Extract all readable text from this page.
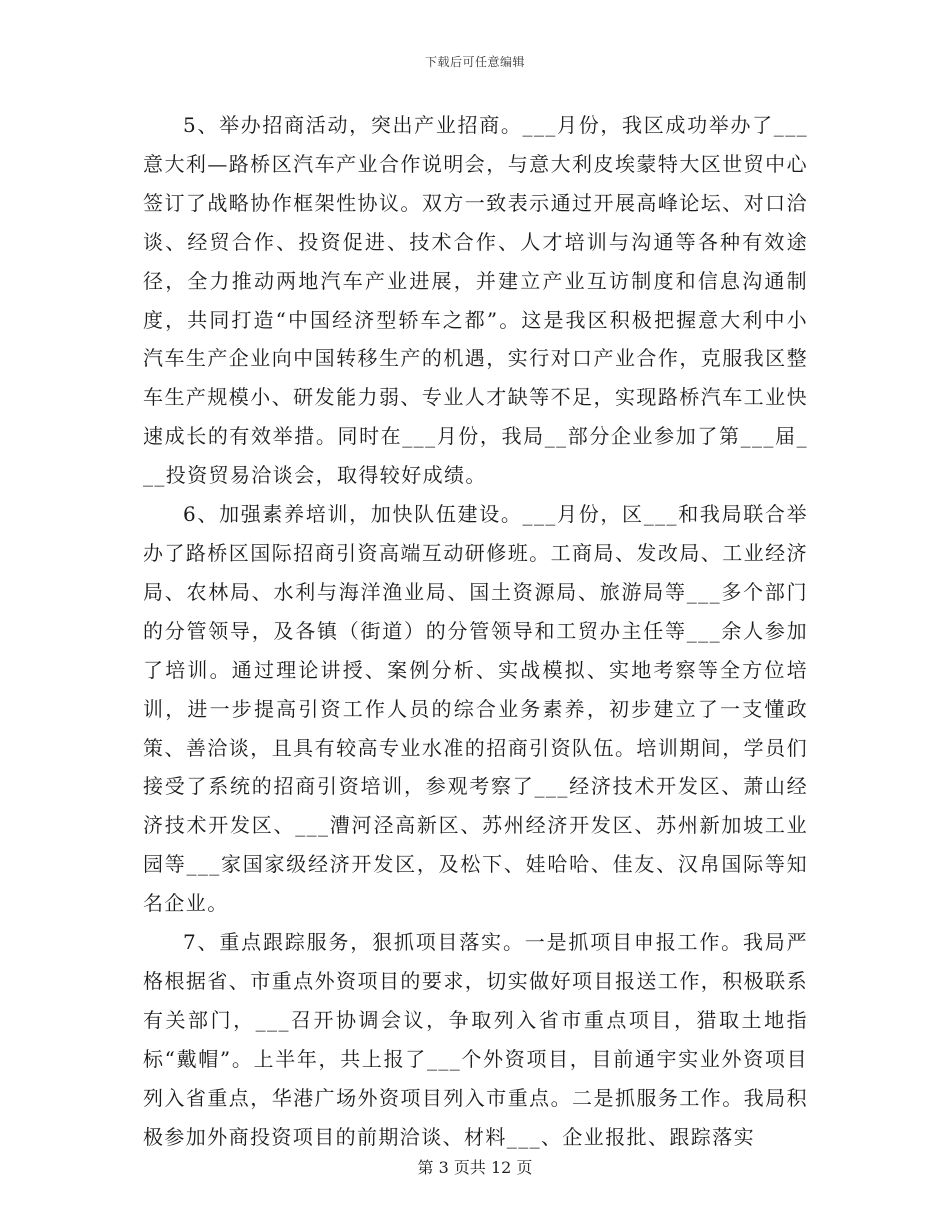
下载后可任意编辑

5、举办招商活动，突出产业招商。___月份，我区成功举办了___意大利—路桥区汽车产业合作说明会，与意大利皮埃蒙特大区世贸中心签订了战略协作框架性协议。双方一致表示通过开展高峰论坛、对口洽谈、经贸合作、投资促进、技术合作、人才培训与沟通等各种有效途径，全力推动两地汽车产业进展，并建立产业互访制度和信息沟通制度，共同打造“中国经济型轿车之都”。这是我区积极把握意大利中小汽车生产企业向中国转移生产的机遇，实行对口产业合作，克服我区整车生产规模小、研发能力弱、专业人才缺等不足，实现路桥汽车工业快速成长的有效举措。同时在___月份，我局__部分企业参加了第___届___投资贸易洽谈会，取得较好成绩。

6、加强素养培训，加快队伍建设。___月份，区___和我局联合举办了路桥区国际招商引资高端互动研修班。工商局、发改局、工业经济局、农林局、水利与海洋渔业局、国土资源局、旅游局等___多个部门的分管领导，及各镇（街道）的分管领导和工贸办主任等___余人参加了培训。通过理论讲授、案例分析、实战模拟、实地考察等全方位培训，进一步提高引资工作人员的综合业务素养，初步建立了一支懂政策、善洽谈，且具有较高专业水准的招商引资队伍。培训期间，学员们接受了系统的招商引资培训，参观考察了___经济技术开发区、萧山经济技术开发区、___漕河泾高新区、苏州经济开发区、苏州新加坡工业园等___家国家级经济开发区，及松下、娃哈哈、佳友、汉帛国际等知名企业。

7、重点跟踪服务，狠抓项目落实。一是抓项目申报工作。我局严格根据省、市重点外资项目的要求，切实做好项目报送工作，积极联系有关部门，___召开协调会议，争取列入省市重点项目，猎取土地指标“戴帽”。上半年，共上报了___个外资项目，目前通宇实业外资项目列入省重点，华港广场外资项目列入市重点。二是抓服务工作。我局积极参加外商投资项目的前期洽谈、材料___、企业报批、跟踪落实

第 3 页共 12 页
